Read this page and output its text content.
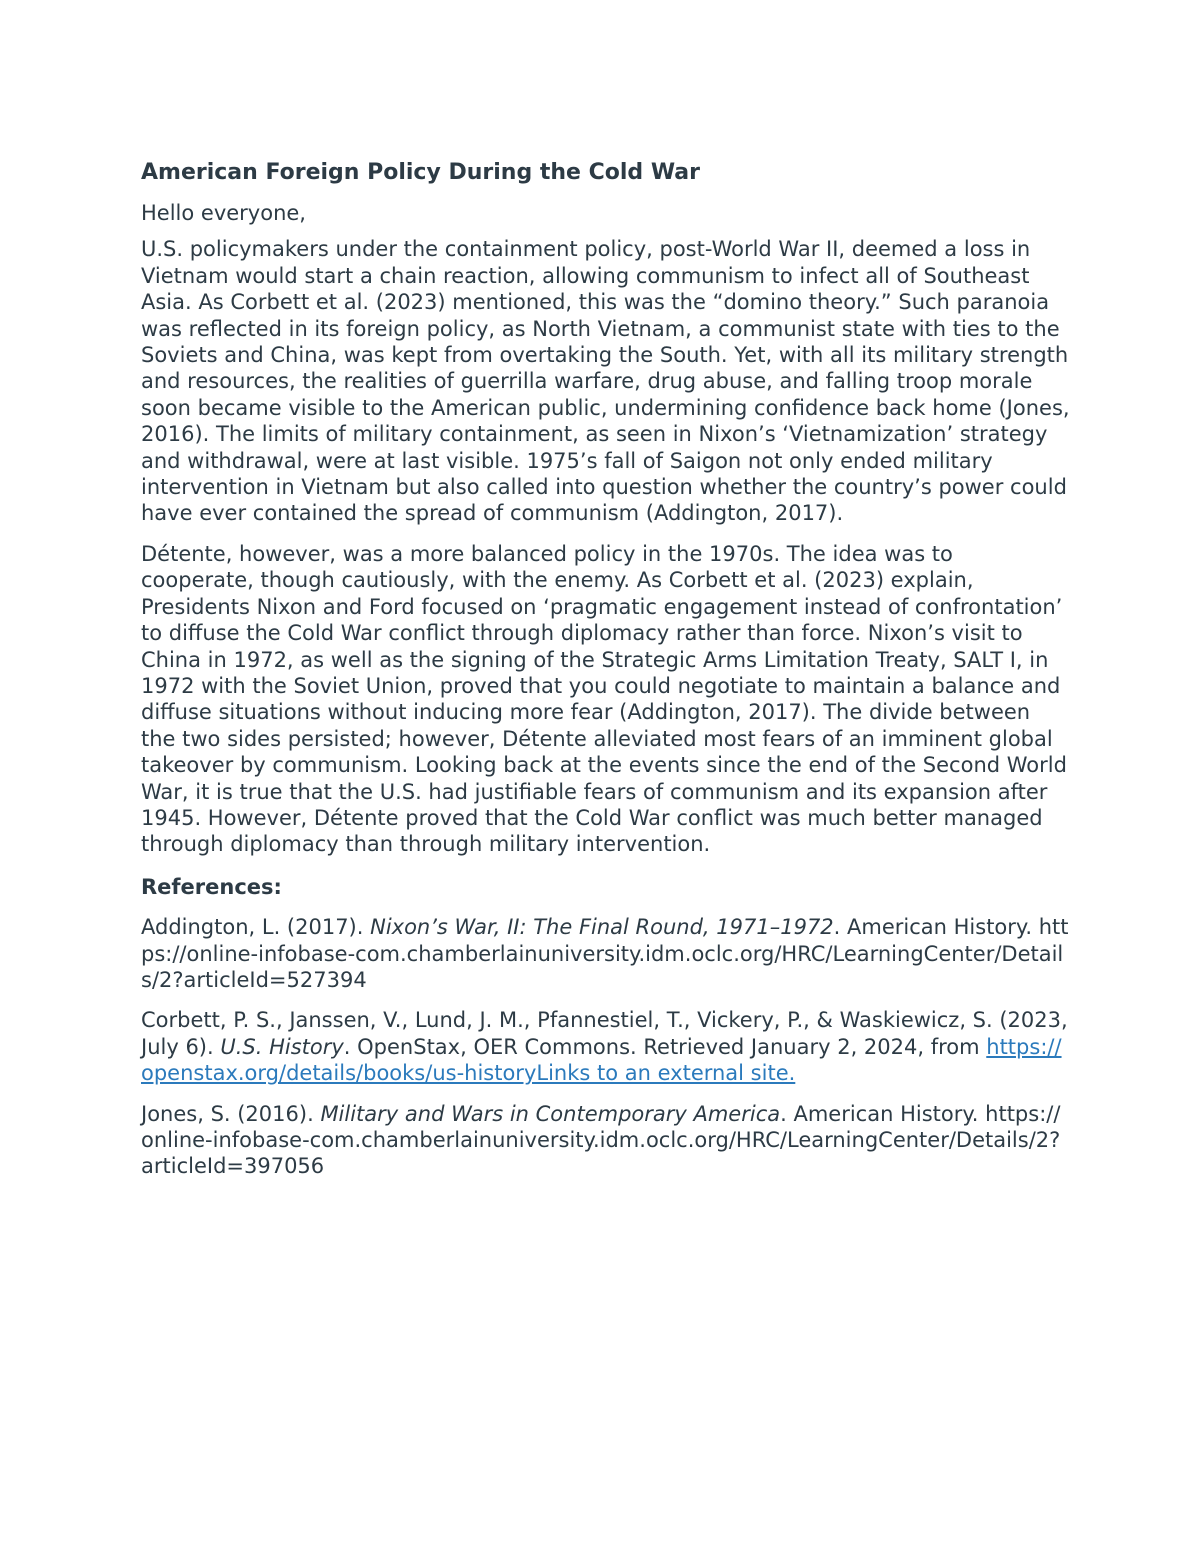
American Foreign Policy During the Cold War
Hello everyone,

U.S. policymakers under the containment policy, post-World War II, deemed a loss in Vietnam would start a chain reaction, allowing communism to infect all of Southeast Asia. As Corbett et al. (2023) mentioned, this was the “domino theory.” Such paranoia was reflected in its foreign policy, as North Vietnam, a communist state with ties to the Soviets and China, was kept from overtaking the South. Yet, with all its military strength and resources, the realities of guerrilla warfare, drug abuse, and falling troop morale soon became visible to the American public, undermining confidence back home (Jones, 2016). The limits of military containment, as seen in Nixon’s ‘Vietnamization’ strategy and withdrawal, were at last visible. 1975’s fall of Saigon not only ended military intervention in Vietnam but also called into question whether the country’s power could have ever contained the spread of communism (Addington, 2017).

Détente, however, was a more balanced policy in the 1970s. The idea was to cooperate, though cautiously, with the enemy. As Corbett et al. (2023) explain, Presidents Nixon and Ford focused on ‘pragmatic engagement instead of confrontation’ to diffuse the Cold War conflict through diplomacy rather than force. Nixon’s visit to China in 1972, as well as the signing of the Strategic Arms Limitation Treaty, SALT I, in 1972 with the Soviet Union, proved that you could negotiate to maintain a balance and diffuse situations without inducing more fear (Addington, 2017). The divide between the two sides persisted; however, Détente alleviated most fears of an imminent global takeover by communism. Looking back at the events since the end of the Second World War, it is true that the U.S. had justifiable fears of communism and its expansion after 1945. However, Détente proved that the Cold War conflict was much better managed through diplomacy than through military intervention.

References:

Addington, L. (2017). Nixon’s War, II: The Final Round, 1971–1972. American History. https://online-infobase-com.chamberlainuniversity.idm.oclc.org/HRC/LearningCenter/Details/2?articleId=527394

Corbett, P. S., Janssen, V., Lund, J. M., Pfannestiel, T., Vickery, P., & Waskiewicz, S. (2023, July 6). U.S. History. OpenStax, OER Commons. Retrieved January 2, 2024, from https://openstax.org/details/books/us-historyLinks to an external site.

Jones, S. (2016). Military and Wars in Contemporary America. American History. https://online-infobase-com.chamberlainuniversity.idm.oclc.org/HRC/LearningCenter/Details/2?articleId=397056
